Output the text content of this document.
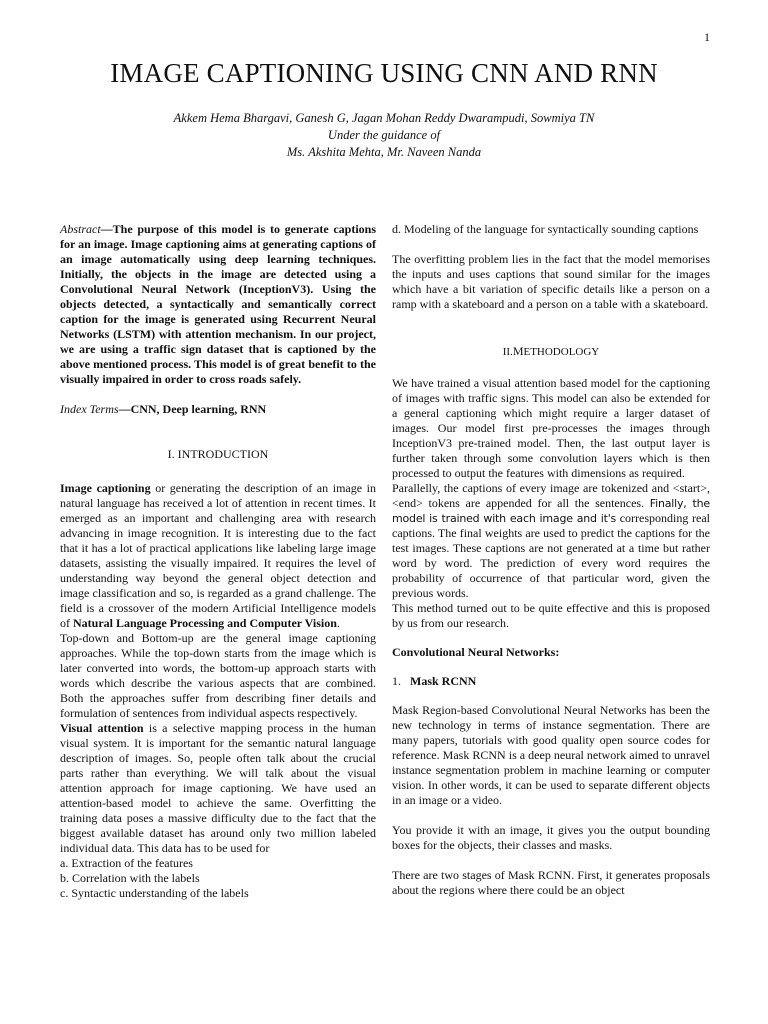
1
IMAGE CAPTIONING USING CNN AND RNN
Akkem Hema Bhargavi, Ganesh G, Jagan Mohan Reddy Dwarampudi, Sowmiya TN
Under the guidance of
Ms. Akshita Mehta, Mr. Naveen Nanda

Abstract—The purpose of this model is to generate captions for an image. Image captioning aims at generating captions of an image automatically using deep learning techniques. Initially, the objects in the image are detected using a Convolutional Neural Network (InceptionV3). Using the objects detected, a syntactically and semantically correct caption for the image is generated using Recurrent Neural Networks (LSTM) with attention mechanism. In our project, we are using a traffic sign dataset that is captioned by the above mentioned process. This model is of great benefit to the visually impaired in order to cross roads safely.

Index Terms—CNN, Deep learning, RNN

I. INTRODUCTION

Image captioning or generating the description of an image in natural language has received a lot of attention in recent times. It emerged as an important and challenging area with research advancing in image recognition. It is interesting due to the fact that it has a lot of practical applications like labeling large image datasets, assisting the visually impaired. It requires the level of understanding way beyond the general object detection and image classification and so, is regarded as a grand challenge. The field is a crossover of the modern Artificial Intelligence models of Natural Language Processing and Computer Vision.

Top-down and Bottom-up are the general image captioning approaches. While the top-down starts from the image which is later converted into words, the bottom-up approach starts with words which describe the various aspects that are combined. Both the approaches suffer from describing finer details and formulation of sentences from individual aspects respectively.

Visual attention is a selective mapping process in the human visual system. It is important for the semantic natural language description of images. So, people often talk about the crucial parts rather than everything. We will talk about the visual attention approach for image captioning. We have used an attention-based model to achieve the same. Overfitting the training data poses a massive difficulty due to the fact that the biggest available dataset has around only two million labeled individual data. This data has to be used for

a. Extraction of the features
b. Correlation with the labels
c. Syntactic understanding of the labels

d. Modeling of the language for syntactically sounding captions

The overfitting problem lies in the fact that the model memorises the inputs and uses captions that sound similar for the images which have a bit variation of specific details like a person on a ramp with a skateboard and a person on a table with a skateboard.

II.METHODOLOGY

We have trained a visual attention based model for the captioning of images with traffic signs. This model can also be extended for a general captioning which might require a larger dataset of images. Our model first pre-processes the images through InceptionV3 pre-trained model. Then, the last output layer is further taken through some convolution layers which is then processed to output the features with dimensions as required.

Parallelly, the captions of every image are tokenized and <start>, <end> tokens are appended for all the sentences. Finally, the model is trained with each image and it's corresponding real captions. The final weights are used to predict the captions for the test images. These captions are not generated at a time but rather word by word. The prediction of every word requires the probability of occurrence of that particular word, given the previous words.

This method turned out to be quite effective and this is proposed by us from our research.

Convolutional Neural Networks:

1. Mask RCNN

Mask Region-based Convolutional Neural Networks has been the new technology in terms of instance segmentation. There are many papers, tutorials with good quality open source codes for reference. Mask RCNN is a deep neural network aimed to unravel instance segmentation problem in machine learning or computer vision. In other words, it can be used to separate different objects in an image or a video.

You provide it with an image, it gives you the output bounding boxes for the objects, their classes and masks.

There are two stages of Mask RCNN. First, it generates proposals about the regions where there could be an object
